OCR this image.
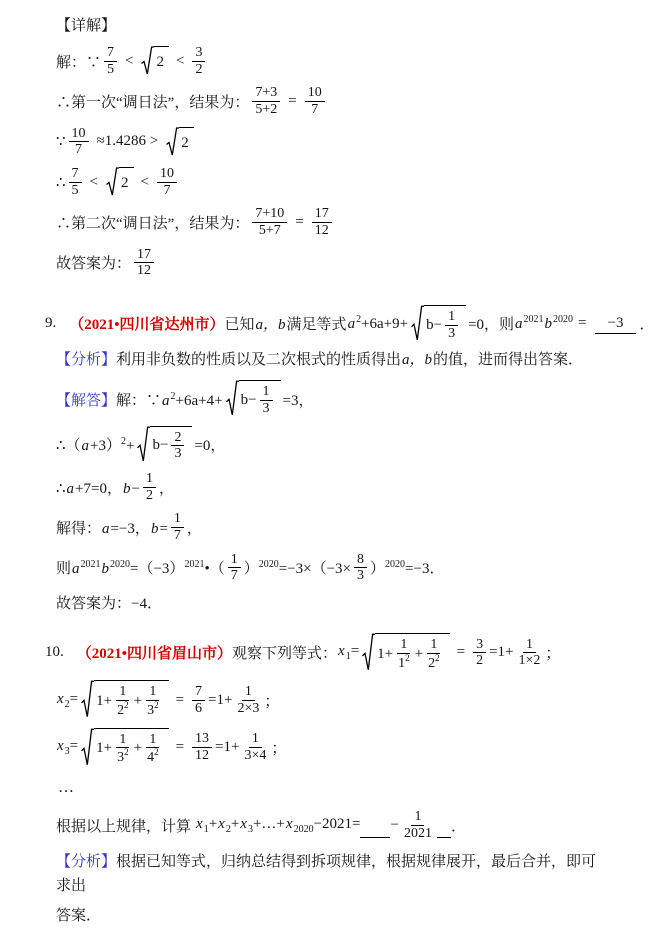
【详解】
解：∵ $\frac{7}{5}$ <	$2 < \frac{3}{2}$
∴第一次“调日法”，结果为： $\frac{7+3}{5+2} = \frac{10}{7}$
∵ $\frac{10}{7} \approx 1.4286$ >	2
∴ $\frac{7}{5}$ <	$2 < \frac{10}{7}$
∴第二次“调日法”，结果为： $\frac{7+10}{5+7} = \frac{17}{12}$
故答案为： $\frac{17}{12}$
9. （2021•四川省达州市） 已知 a，b 满足等式 $a^2+6a+9+ b- \frac{1}{3} =0$，则 $a^{2021}b^{2020}$ =	−3 ．
【分析】利用非负数的性质以及二次根式的性质得出a，b的值，进而得出答案．
【解答】 解：$\because a^2+6a+4+ b- \frac{1}{3} =3$，
$\therefore(a+3)^2+ b- \frac{2}{3} =0$，
∴a+7=0，$b- \frac{1}{2}$ ，
解得：a=−3，$b= \frac{1}{7}$ ，
则$a^{2021}b^{2020}=(-3)^{2021}•( \frac{1}{7} )^{2020}=-3\times(-3\times \frac{8}{3} )^{2020}=-3$．
故答案为：−4．
10. （2021•四川省眉山市） 观察下列等式： $x_1= 1+ \frac{1}{1^2} + \frac{1}{2^2}$	= $\frac{3}{2} =1+ \frac{1}{1\times 2}$ ；
$x_2= 1+ \frac{1}{2^2} + \frac{1}{3^2}$	= $\frac{7}{6} =1+ \frac{1}{2\times 3}$ ；
$x_3= 1+ \frac{1}{3^2} + \frac{1}{4^2}$	= $\frac{13}{12} =1+ \frac{1}{3\times 4}$ ；
…
根据以上规律，计算 $x_1+x_2+x_3+\dots+x_{2020}-2021= - \frac{1}{2021}$ ．
【分析】根据已知等式，归纳总结得到拆项规律，根据规律展开，最后合并，即可求出
答案．
